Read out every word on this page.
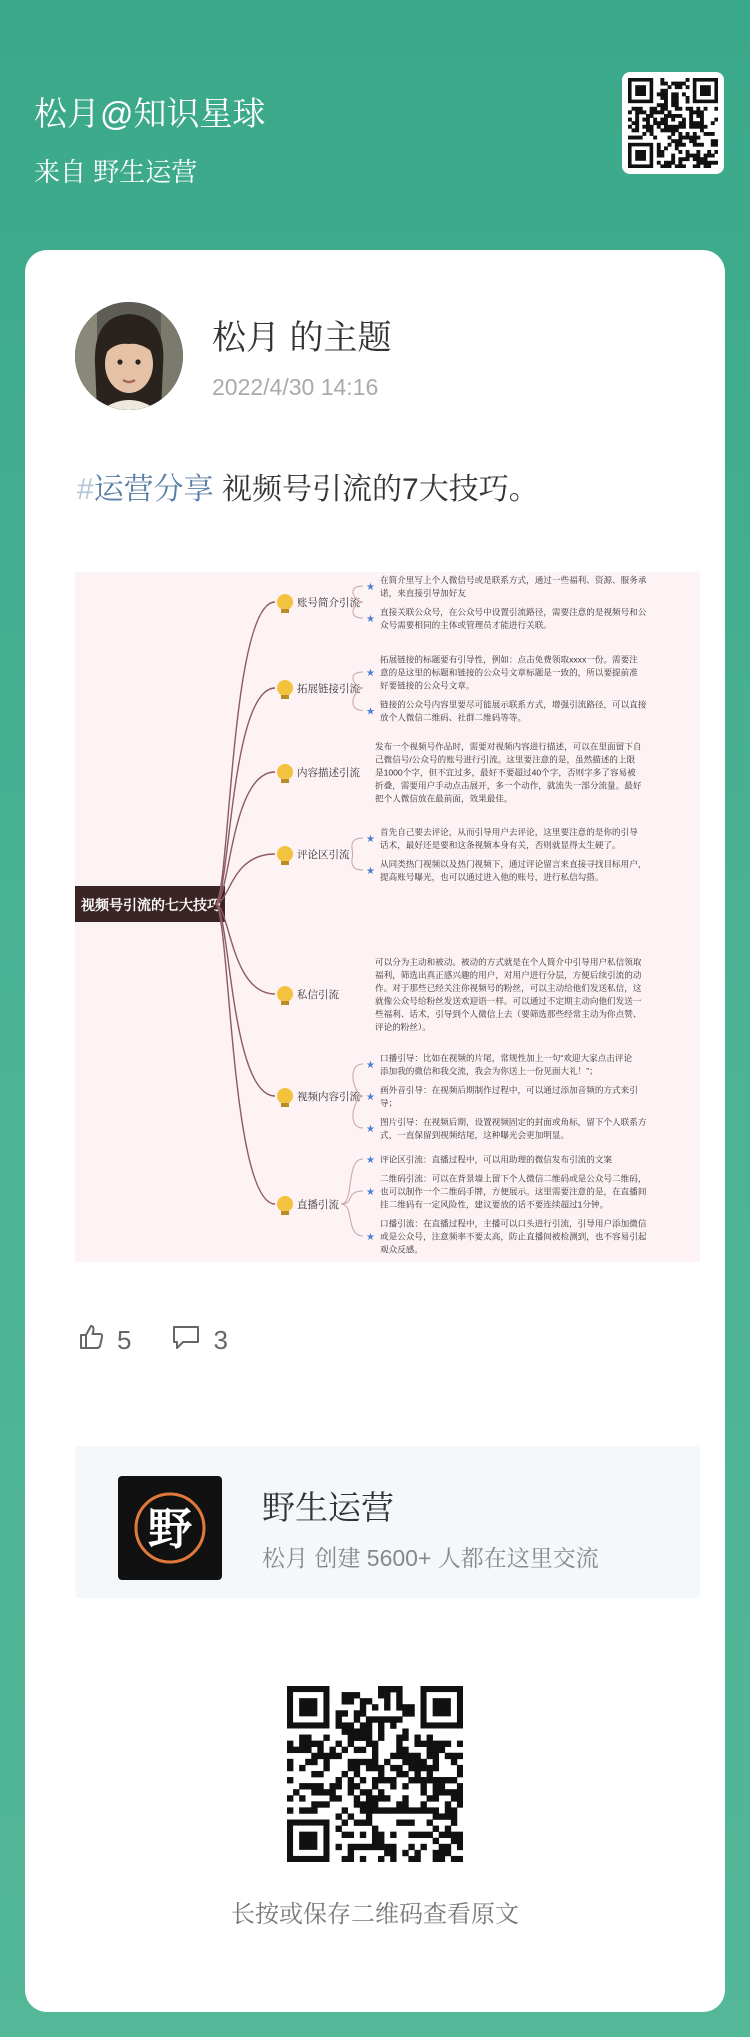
松月@知识星球
来自 野生运营
松月 的主题
2022/4/30 14:16
#运营分享 视频号引流的7大技巧。
视频号引流的七大技巧
账号简介引流
★
在简介里写上个人微信号或是联系方式，通过一些福利、资源、服务承
诺，来直接引导加好友
★
直接关联公众号，在公众号中设置引流路径，需要注意的是视频号和公
众号需要相同的主体或管理员才能进行关联。
拓展链接引流
★
拓展链接的标题要有引导性，例如：点击免费领取xxxx一份。需要注
意的是这里的标题和链接的公众号文章标题是一致的，所以要提前准
好要链接的公众号文章。
★
链接的公众号内容里要尽可能展示联系方式，增强引流路径，可以直接
放个人微信二维码、社群二维码等等。
内容描述引流
发布一个视频号作品时，需要对视频内容进行描述，可以在里面留下自
己微信号/公众号的账号进行引流。这里要注意的是，虽然描述的上限
是1000个字，但不宜过多，最好不要超过40个字，否则字多了容易被
折叠，需要用户手动点击展开，多一个动作，就流失一部分流量。最好
把个人微信放在最前面，效果最佳。
评论区引流
★
首先自己要去评论，从而引导用户去评论，这里要注意的是你的引导
话术，最好还是要和这条视频本身有关，否则就显得太生硬了。
★
从同类热门视频以及热门视频下，通过评论留言来直接寻找目标用户，
提高账号曝光，也可以通过进入他的账号，进行私信勾搭。
私信引流
可以分为主动和被动。被动的方式就是在个人简介中引导用户私信领取
福利，筛选出真正感兴趣的用户，对用户进行分层，方便后续引流的动
作。对于那些已经关注你视频号的粉丝，可以主动给他们发送私信，这
就像公众号给粉丝发送欢迎语一样。可以通过不定期主动向他们发送一
些福利、话术，引导到个人微信上去（要筛选那些经常主动为你点赞、
评论的粉丝）。
视频内容引流
★
口播引导：比如在视频的片尾，常规性加上一句“欢迎大家点击评论
添加我的微信和我交流，我会为你送上一份见面大礼！”；
★
画外音引导：在视频后期制作过程中，可以通过添加音频的方式来引
导；
★
图片引导：在视频后期，设置视频固定的封面或角标，留下个人联系方
式，一直保留到视频结尾，这种曝光会更加明显。
直播引流
★ 评论区引流：直播过程中，可以用助理的微信发布引流的文案
★
二维码引流：可以在背景墙上留下个人微信二维码或是公众号二维码，
也可以制作一个二维码手牌，方便展示。这里需要注意的是，在直播间
挂二维码有一定风险性，建议要放的话不要连续超过1分钟。
★
口播引流：在直播过程中，主播可以口头进行引流，引导用户添加微信
或是公众号，注意频率不要太高，防止直播间被检测到，也不容易引起
观众反感。
5	3
野 野生运营
松月 创建 5600+ 人都在这里交流
长按或保存二维码查看原文
